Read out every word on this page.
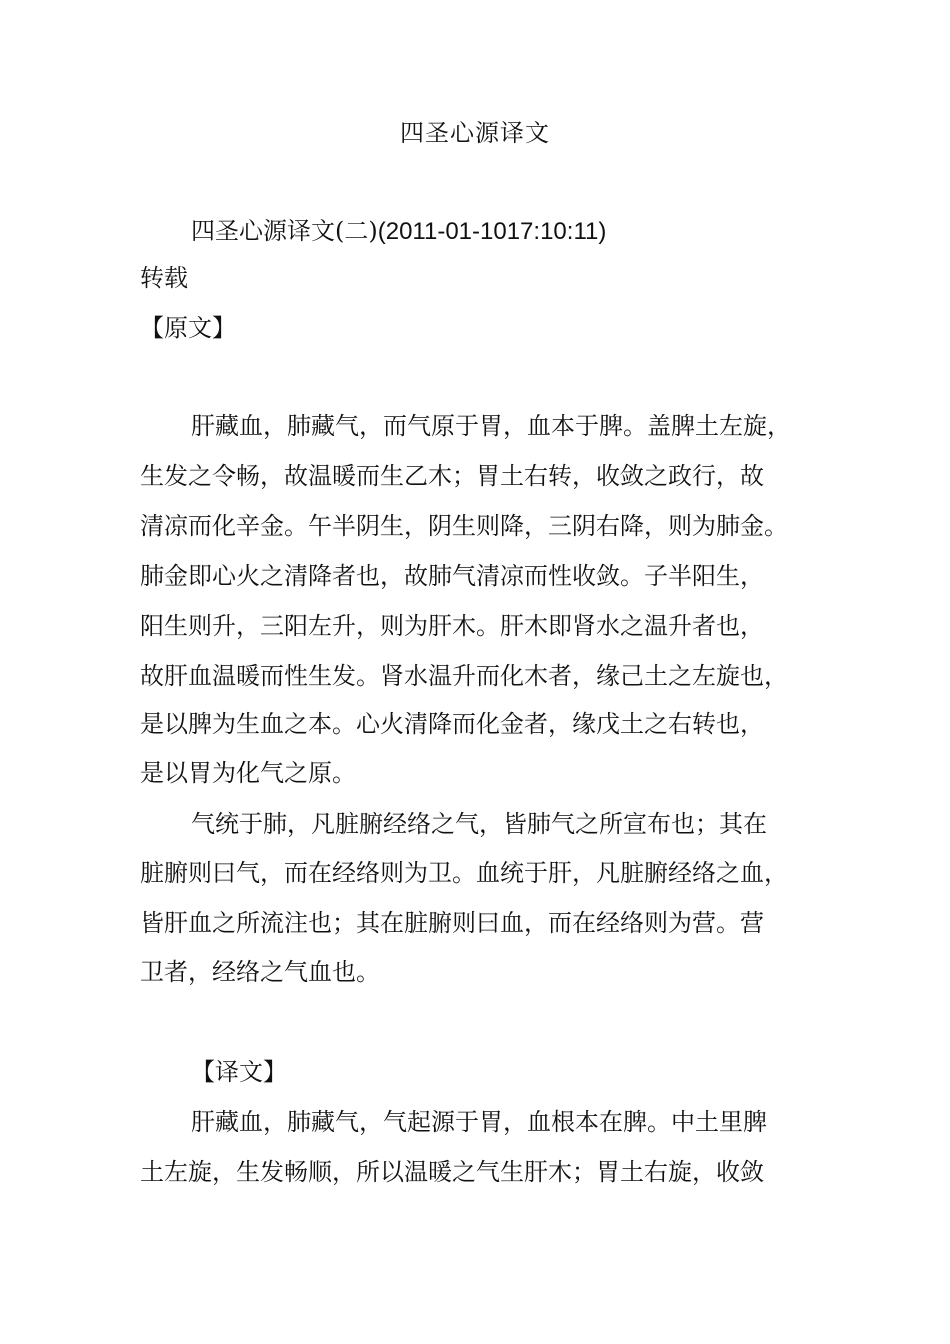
四圣心源译文
四圣心源译文(二)(2011-01-1017:10:11)
转载
【原文】
肝藏血，肺藏气，而气原于胃，血本于脾。盖脾土左旋，
生发之令畅，故温暖而生乙木；胃土右转，收敛之政行，故
清凉而化辛金。午半阴生，阴生则降，三阴右降，则为肺金。
肺金即心火之清降者也，故肺气清凉而性收敛。子半阳生，
阳生则升，三阳左升，则为肝木。肝木即肾水之温升者也，
故肝血温暖而性生发。肾水温升而化木者，缘己土之左旋也，
是以脾为生血之本。心火清降而化金者，缘戊土之右转也，
是以胃为化气之原。
气统于肺，凡脏腑经络之气，皆肺气之所宣布也；其在
脏腑则曰气，而在经络则为卫。血统于肝，凡脏腑经络之血，
皆肝血之所流注也；其在脏腑则曰血，而在经络则为营。营
卫者，经络之气血也。
【译文】
肝藏血，肺藏气，气起源于胃，血根本在脾。中土里脾
土左旋，生发畅顺，所以温暖之气生肝木；胃土右旋，收敛
